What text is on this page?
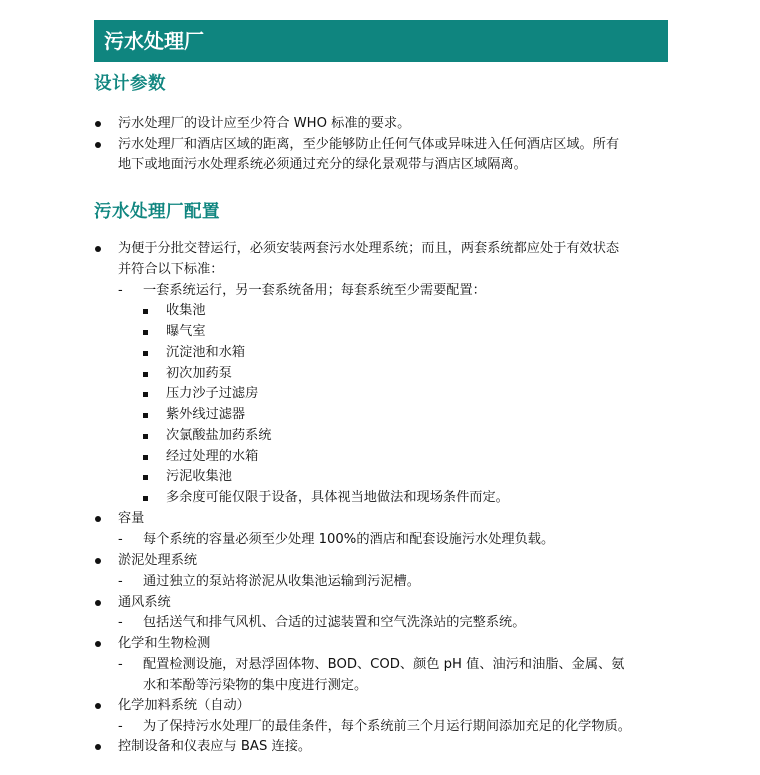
污水处理厂
设计参数
污水处理厂的设计应至少符合 WHO 标准的要求。
污水处理厂和酒店区域的距离，至少能够防止任何气体或异味进入任何酒店区域。所有
地下或地面污水处理系统必须通过充分的绿化景观带与酒店区域隔离。
污水处理厂配置
为便于分批交替运行，必须安装两套污水处理系统；而且，两套系统都应处于有效状态
并符合以下标准：
- 一套系统运行，另一套系统备用；每套系统至少需要配置：
收集池
曝气室
沉淀池和水箱
初次加药泵
压力沙子过滤房
紫外线过滤器
次氯酸盐加药系统
经过处理的水箱
污泥收集池
多余度可能仅限于设备，具体视当地做法和现场条件而定。
容量
- 每个系统的容量必须至少处理 100%的酒店和配套设施污水处理负载。
淤泥处理系统
- 通过独立的泵站将淤泥从收集池运输到污泥槽。
通风系统
- 包括送气和排气风机、合适的过滤装置和空气洗涤站的完整系统。
化学和生物检测
- 配置检测设施，对悬浮固体物、BOD、COD、颜色 pH 值、油污和油脂、金属、氨
水和苯酚等污染物的集中度进行测定。
化学加料系统（自动）
- 为了保持污水处理厂的最佳条件，每个系统前三个月运行期间添加充足的化学物质。
控制设备和仪表应与 BAS 连接。
